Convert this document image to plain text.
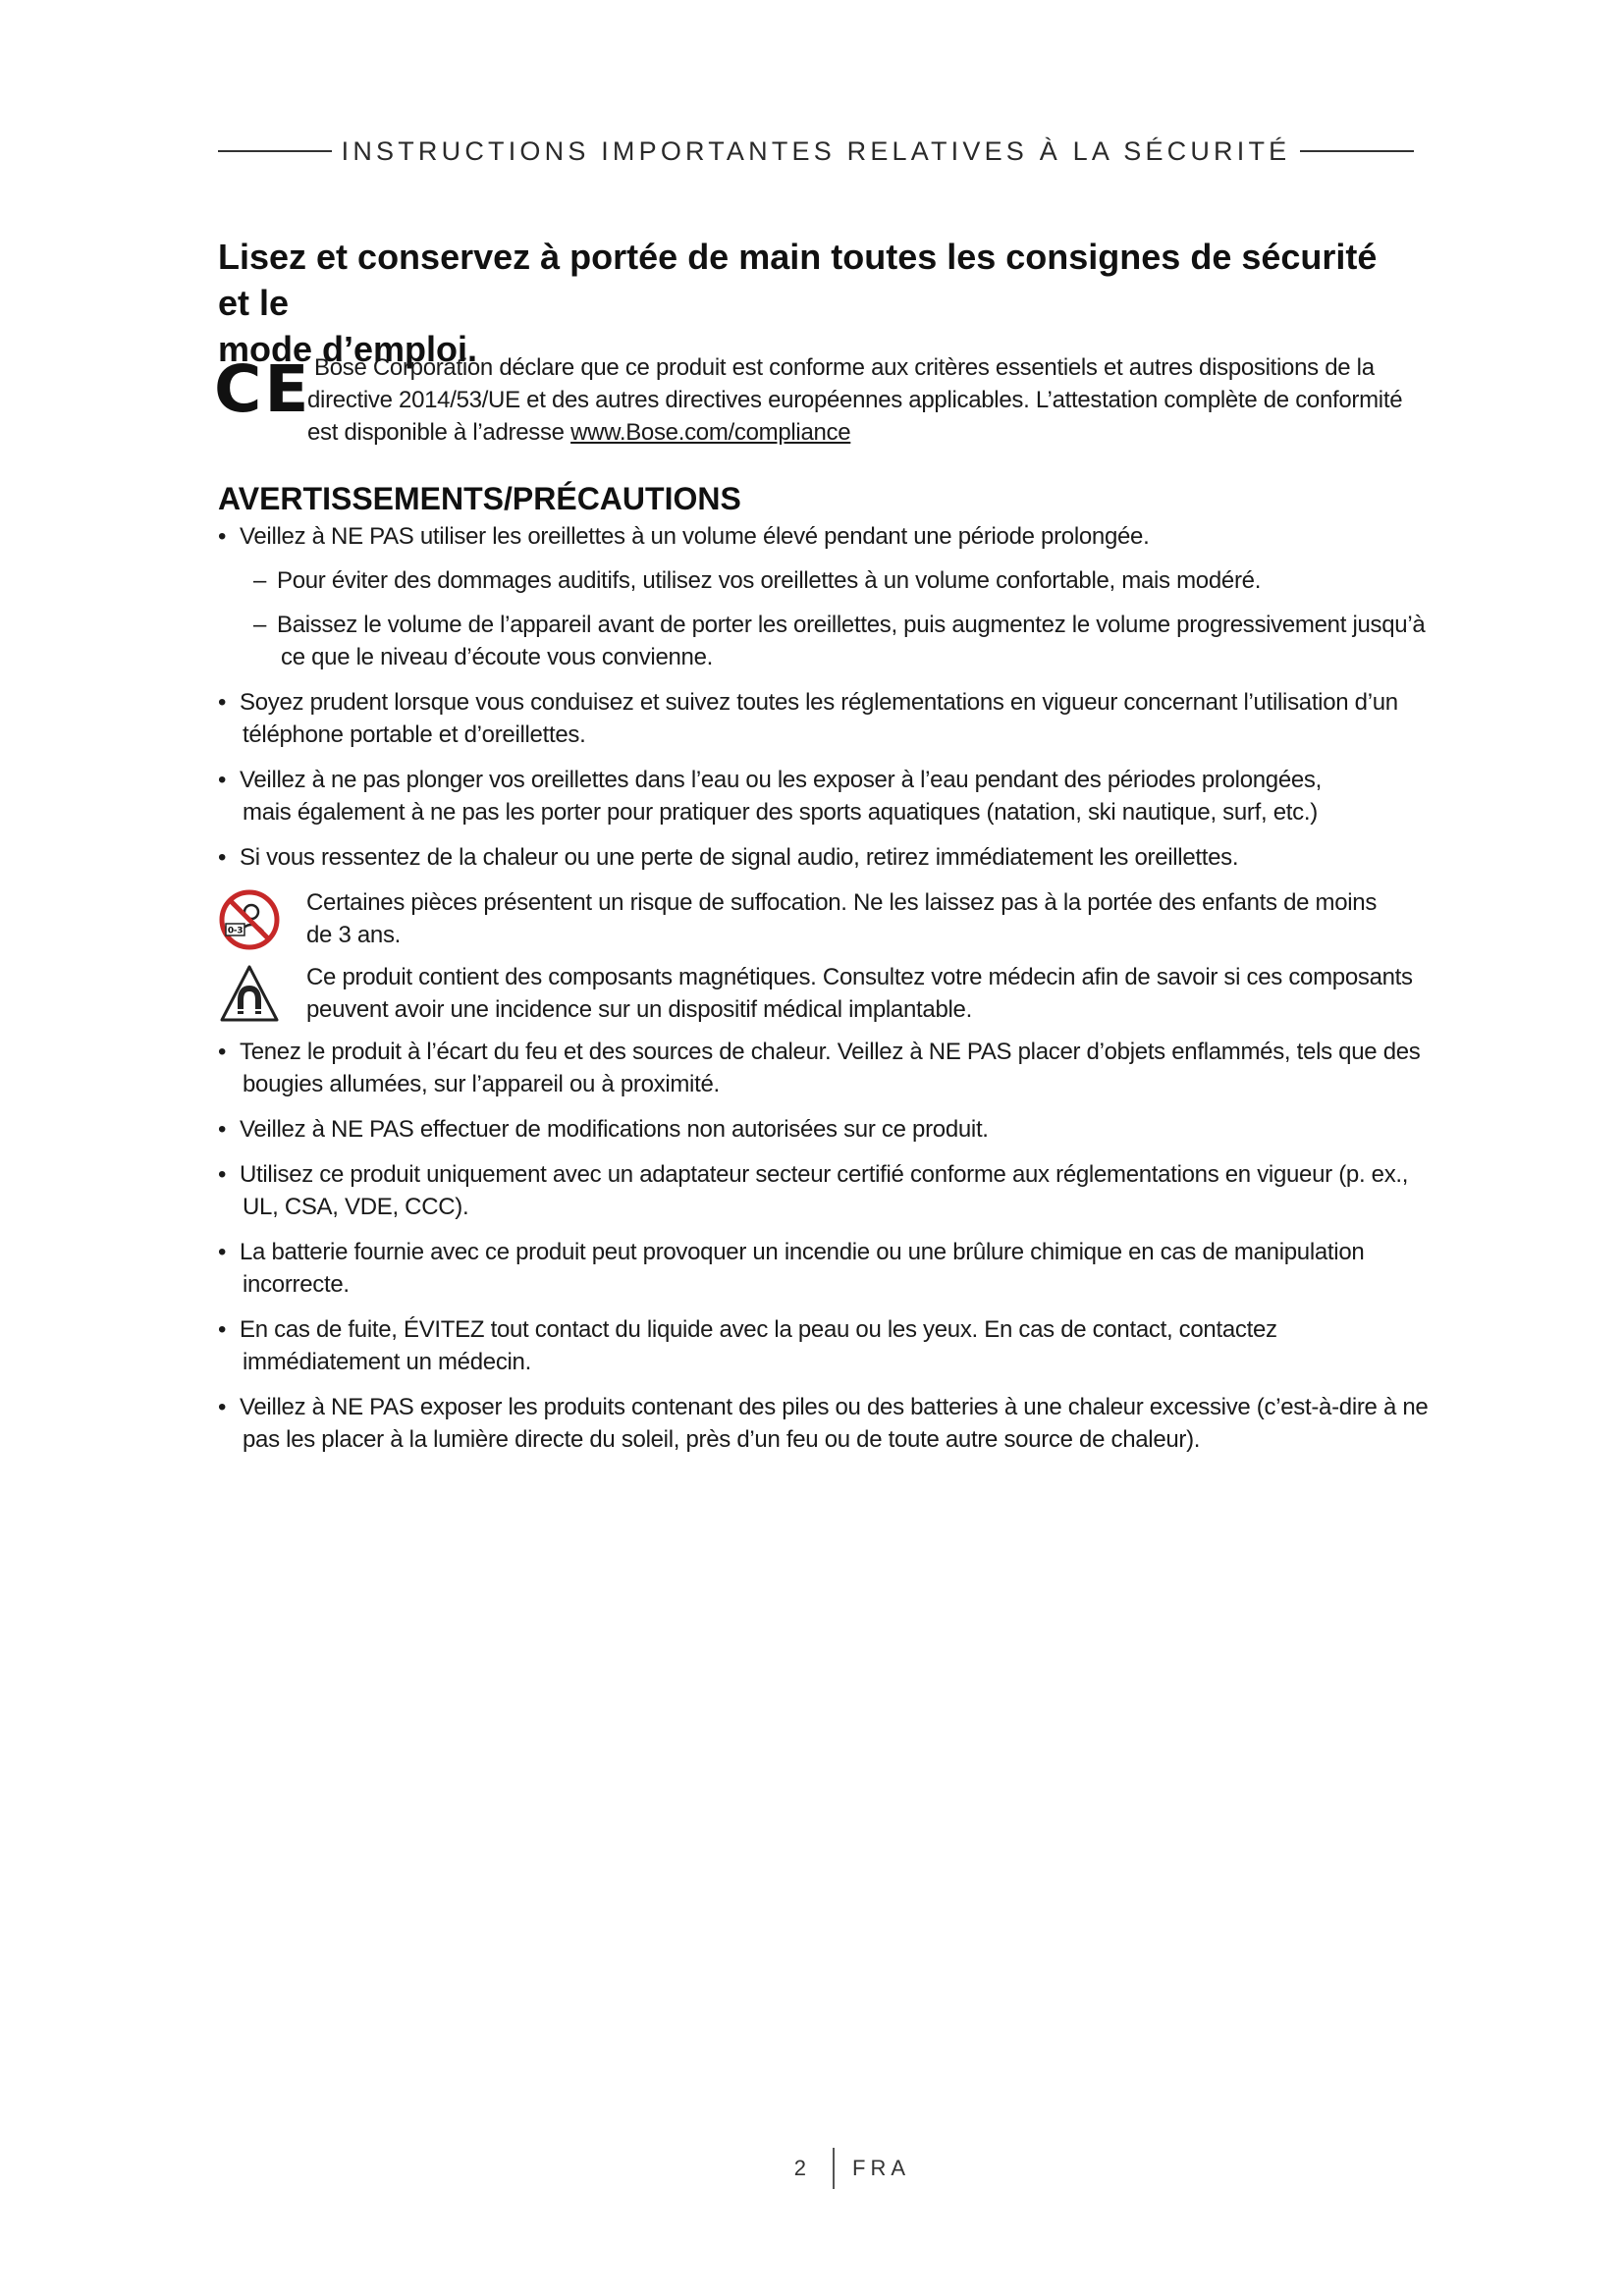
INSTRUCTIONS IMPORTANTES RELATIVES À LA SÉCURITÉ
Lisez et conservez à portée de main toutes les consignes de sécurité et le
mode d’emploi.
CE Bose Corporation déclare que ce produit est conforme aux critères essentiels et autres dispositions de la
directive 2014/53/UE et des autres directives européennes applicables. L’attestation complète de conformité
est disponible à l’adresse www.Bose.com/compliance
AVERTISSEMENTS/PRÉCAUTIONS
• Veillez à NE PAS utiliser les oreillettes à un volume élevé pendant une période prolongée.
– Pour éviter des dommages auditifs, utilisez vos oreillettes à un volume confortable, mais modéré.
– Baissez le volume de l’appareil avant de porter les oreillettes, puis augmentez le volume progressivement jusqu’à
ce que le niveau d’écoute vous convienne.
• Soyez prudent lorsque vous conduisez et suivez toutes les réglementations en vigueur concernant l’utilisation d’un
téléphone portable et d’oreillettes.
• Veillez à ne pas plonger vos oreillettes dans l’eau ou les exposer à l’eau pendant des périodes prolongées,
mais également à ne pas les porter pour pratiquer des sports aquatiques (natation, ski nautique, surf, etc.)
• Si vous ressentez de la chaleur ou une perte de signal audio, retirez immédiatement les oreillettes.
0-3
Certaines pièces présentent un risque de suffocation. Ne les laissez pas à la portée des enfants de moins
de 3 ans.
Ce produit contient des composants magnétiques. Consultez votre médecin afin de savoir si ces composants
peuvent avoir une incidence sur un dispositif médical implantable.
• Tenez le produit à l’écart du feu et des sources de chaleur. Veillez à NE PAS placer d’objets enflammés, tels que des
bougies allumées, sur l’appareil ou à proximité.
• Veillez à NE PAS effectuer de modifications non autorisées sur ce produit.
• Utilisez ce produit uniquement avec un adaptateur secteur certifié conforme aux réglementations en vigueur (p. ex.,
UL, CSA, VDE, CCC).
• La batterie fournie avec ce produit peut provoquer un incendie ou une brûlure chimique en cas de manipulation
incorrecte.
• En cas de fuite, ÉVITEZ tout contact du liquide avec la peau ou les yeux. En cas de contact, contactez
immédiatement un médecin.
• Veillez à NE PAS exposer les produits contenant des piles ou des batteries à une chaleur excessive (c’est-à-dire à ne
pas les placer à la lumière directe du soleil, près d’un feu ou de toute autre source de chaleur).
2 FRA
